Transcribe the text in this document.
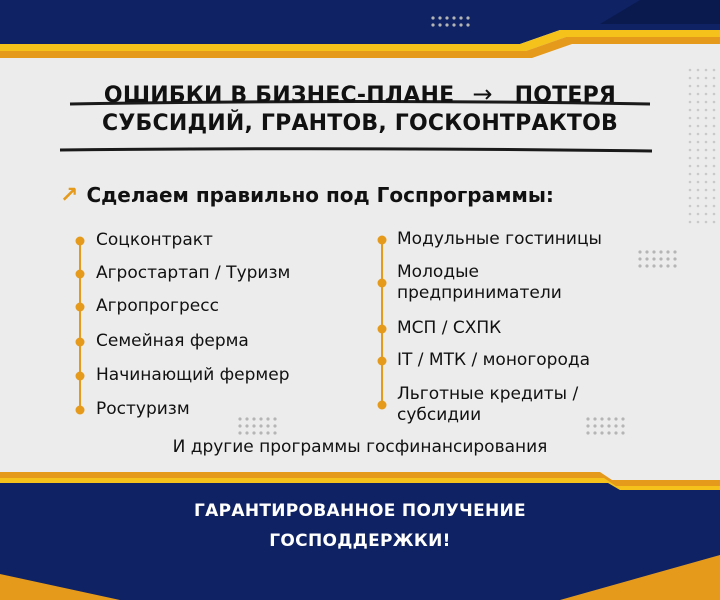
ОШИБКИ В БИЗНЕС-ПЛАНЕ → ПОТЕРЯ
СУБСИДИЙ, ГРАНТОВ, ГОСКОНТРАКТОВ
↗ Сделаем правильно под Госпрограммы:
Соцконтракт
Агростартап / Туризм
Агропрогресс
Семейная ферма
Начинающий фермер
Ростуризм
Модульные гостиницы
Молодые
предприниматели
МСП / СХПК
IT / МТК / моногорода
Льготные кредиты /
субсидии
И другие программы госфинансирования
ГАРАНТИРОВАННОЕ ПОЛУЧЕНИЕ
ГОСПОДДЕРЖКИ!
